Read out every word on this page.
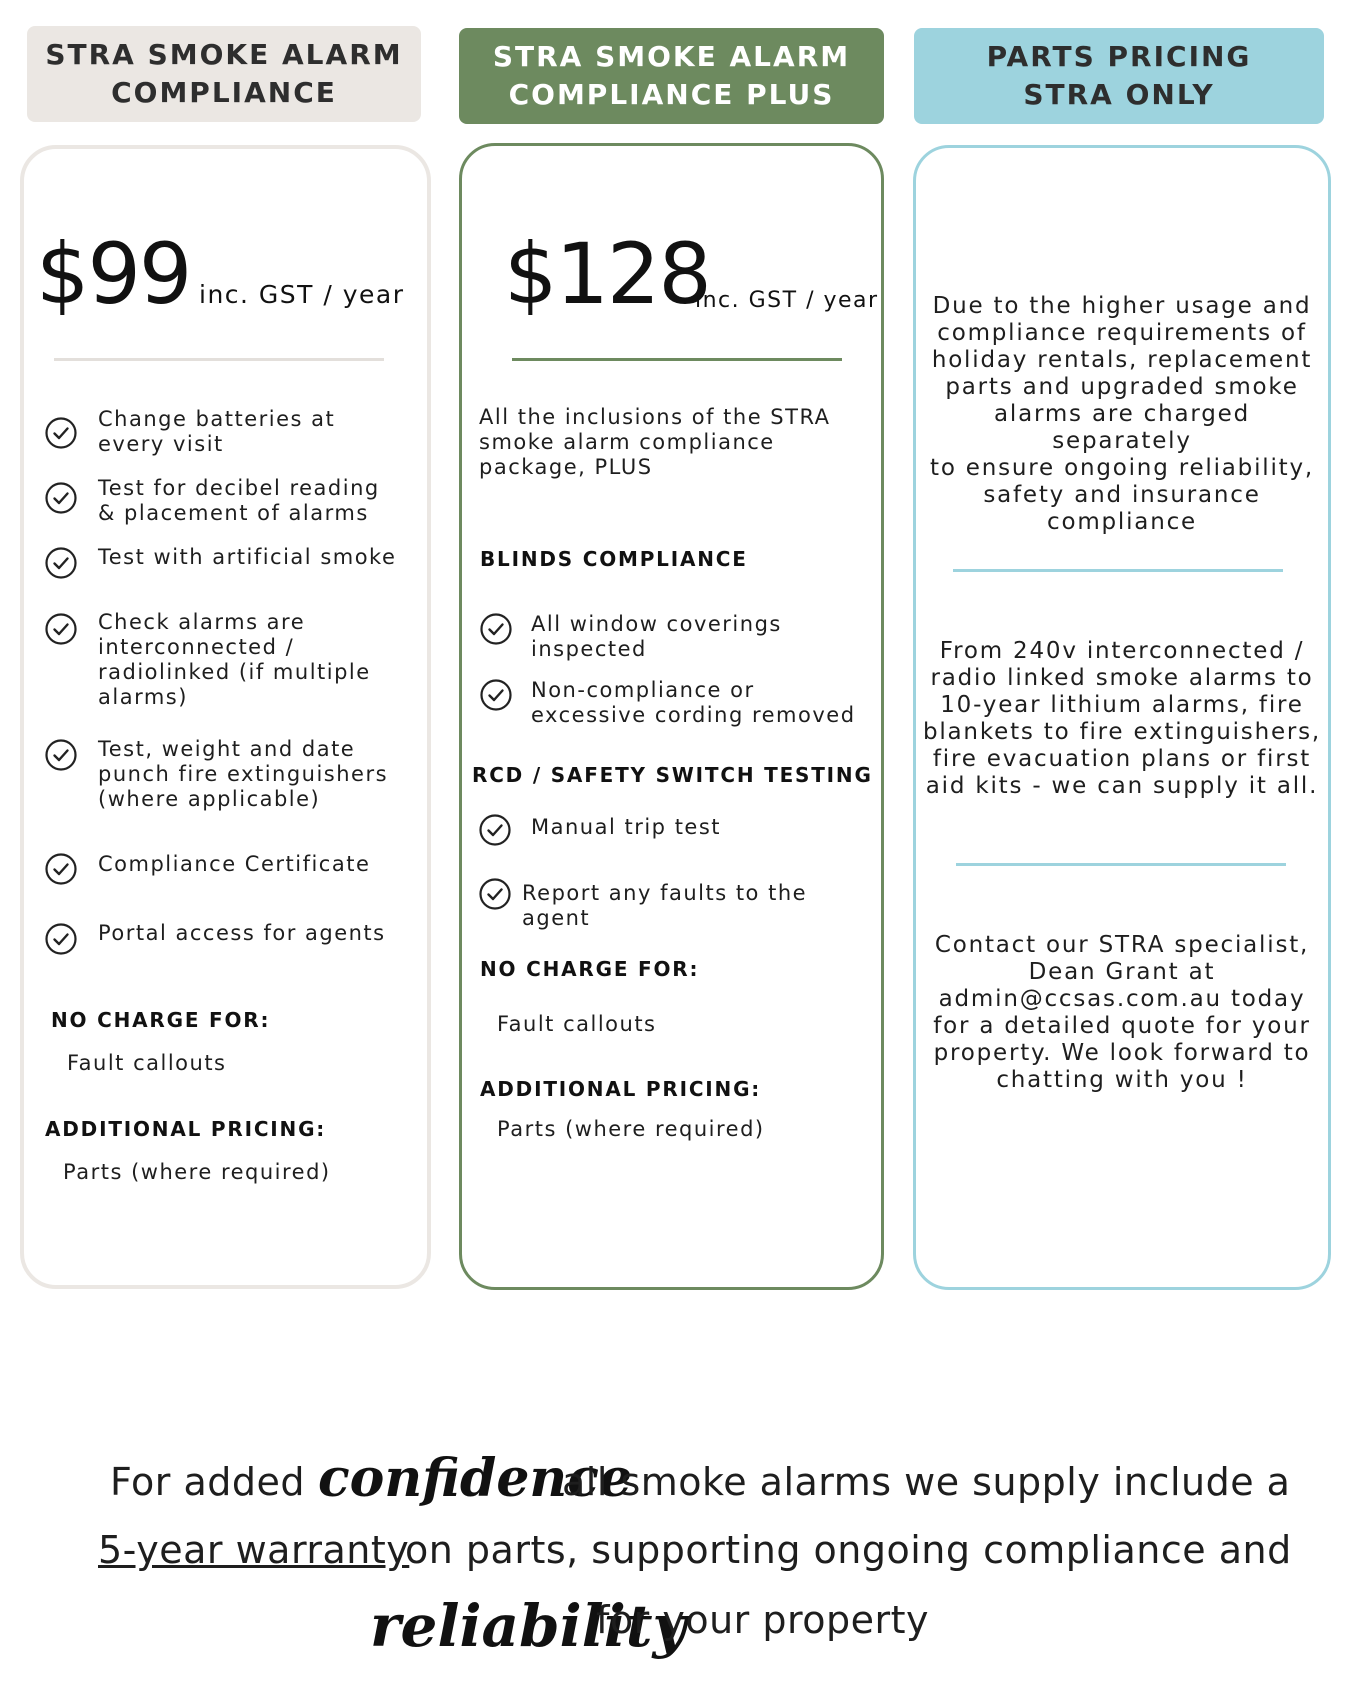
STRA SMOKE ALARM
COMPLIANCE
$99 inc. GST / year
Change batteries at
every visit
Test for decibel reading
& placement of alarms
Test with artificial smoke
Check alarms are
interconnected /
radiolinked (if multiple
alarms)
Test, weight and date
punch fire extinguishers
(where applicable)
Compliance Certificate
Portal access for agents
NO CHARGE FOR:
Fault callouts
ADDITIONAL PRICING:
Parts (where required)
STRA SMOKE ALARM
COMPLIANCE PLUS
$128
inc. GST / year
All the inclusions of the STRA
smoke alarm compliance
package, PLUS
BLINDS COMPLIANCE
All window coverings
inspected
Non-compliance or
excessive cording removed
RCD / SAFETY SWITCH TESTING
Manual trip test
Report any faults to the
agent
NO CHARGE FOR:
Fault callouts
ADDITIONAL PRICING:
Parts (where required)
PARTS PRICING
STRA ONLY
Due to the higher usage and
compliance requirements of
holiday rentals, replacement
parts and upgraded smoke
alarms are charged separately
to ensure ongoing reliability,
safety and insurance
compliance
From 240v interconnected /
radio linked smoke alarms to
10-year lithium alarms, fire
blankets to fire extinguishers,
fire evacuation plans or first
aid kits - we can supply it all.
Contact our STRA specialist,
Dean Grant at
admin@ccsas.com.au today
for a detailed quote for your
property. We look forward to
chatting with you !
For added confidence
all smoke alarms we supply include a
5-year warranty
on parts, supporting ongoing compliance and
reliability
for your property
